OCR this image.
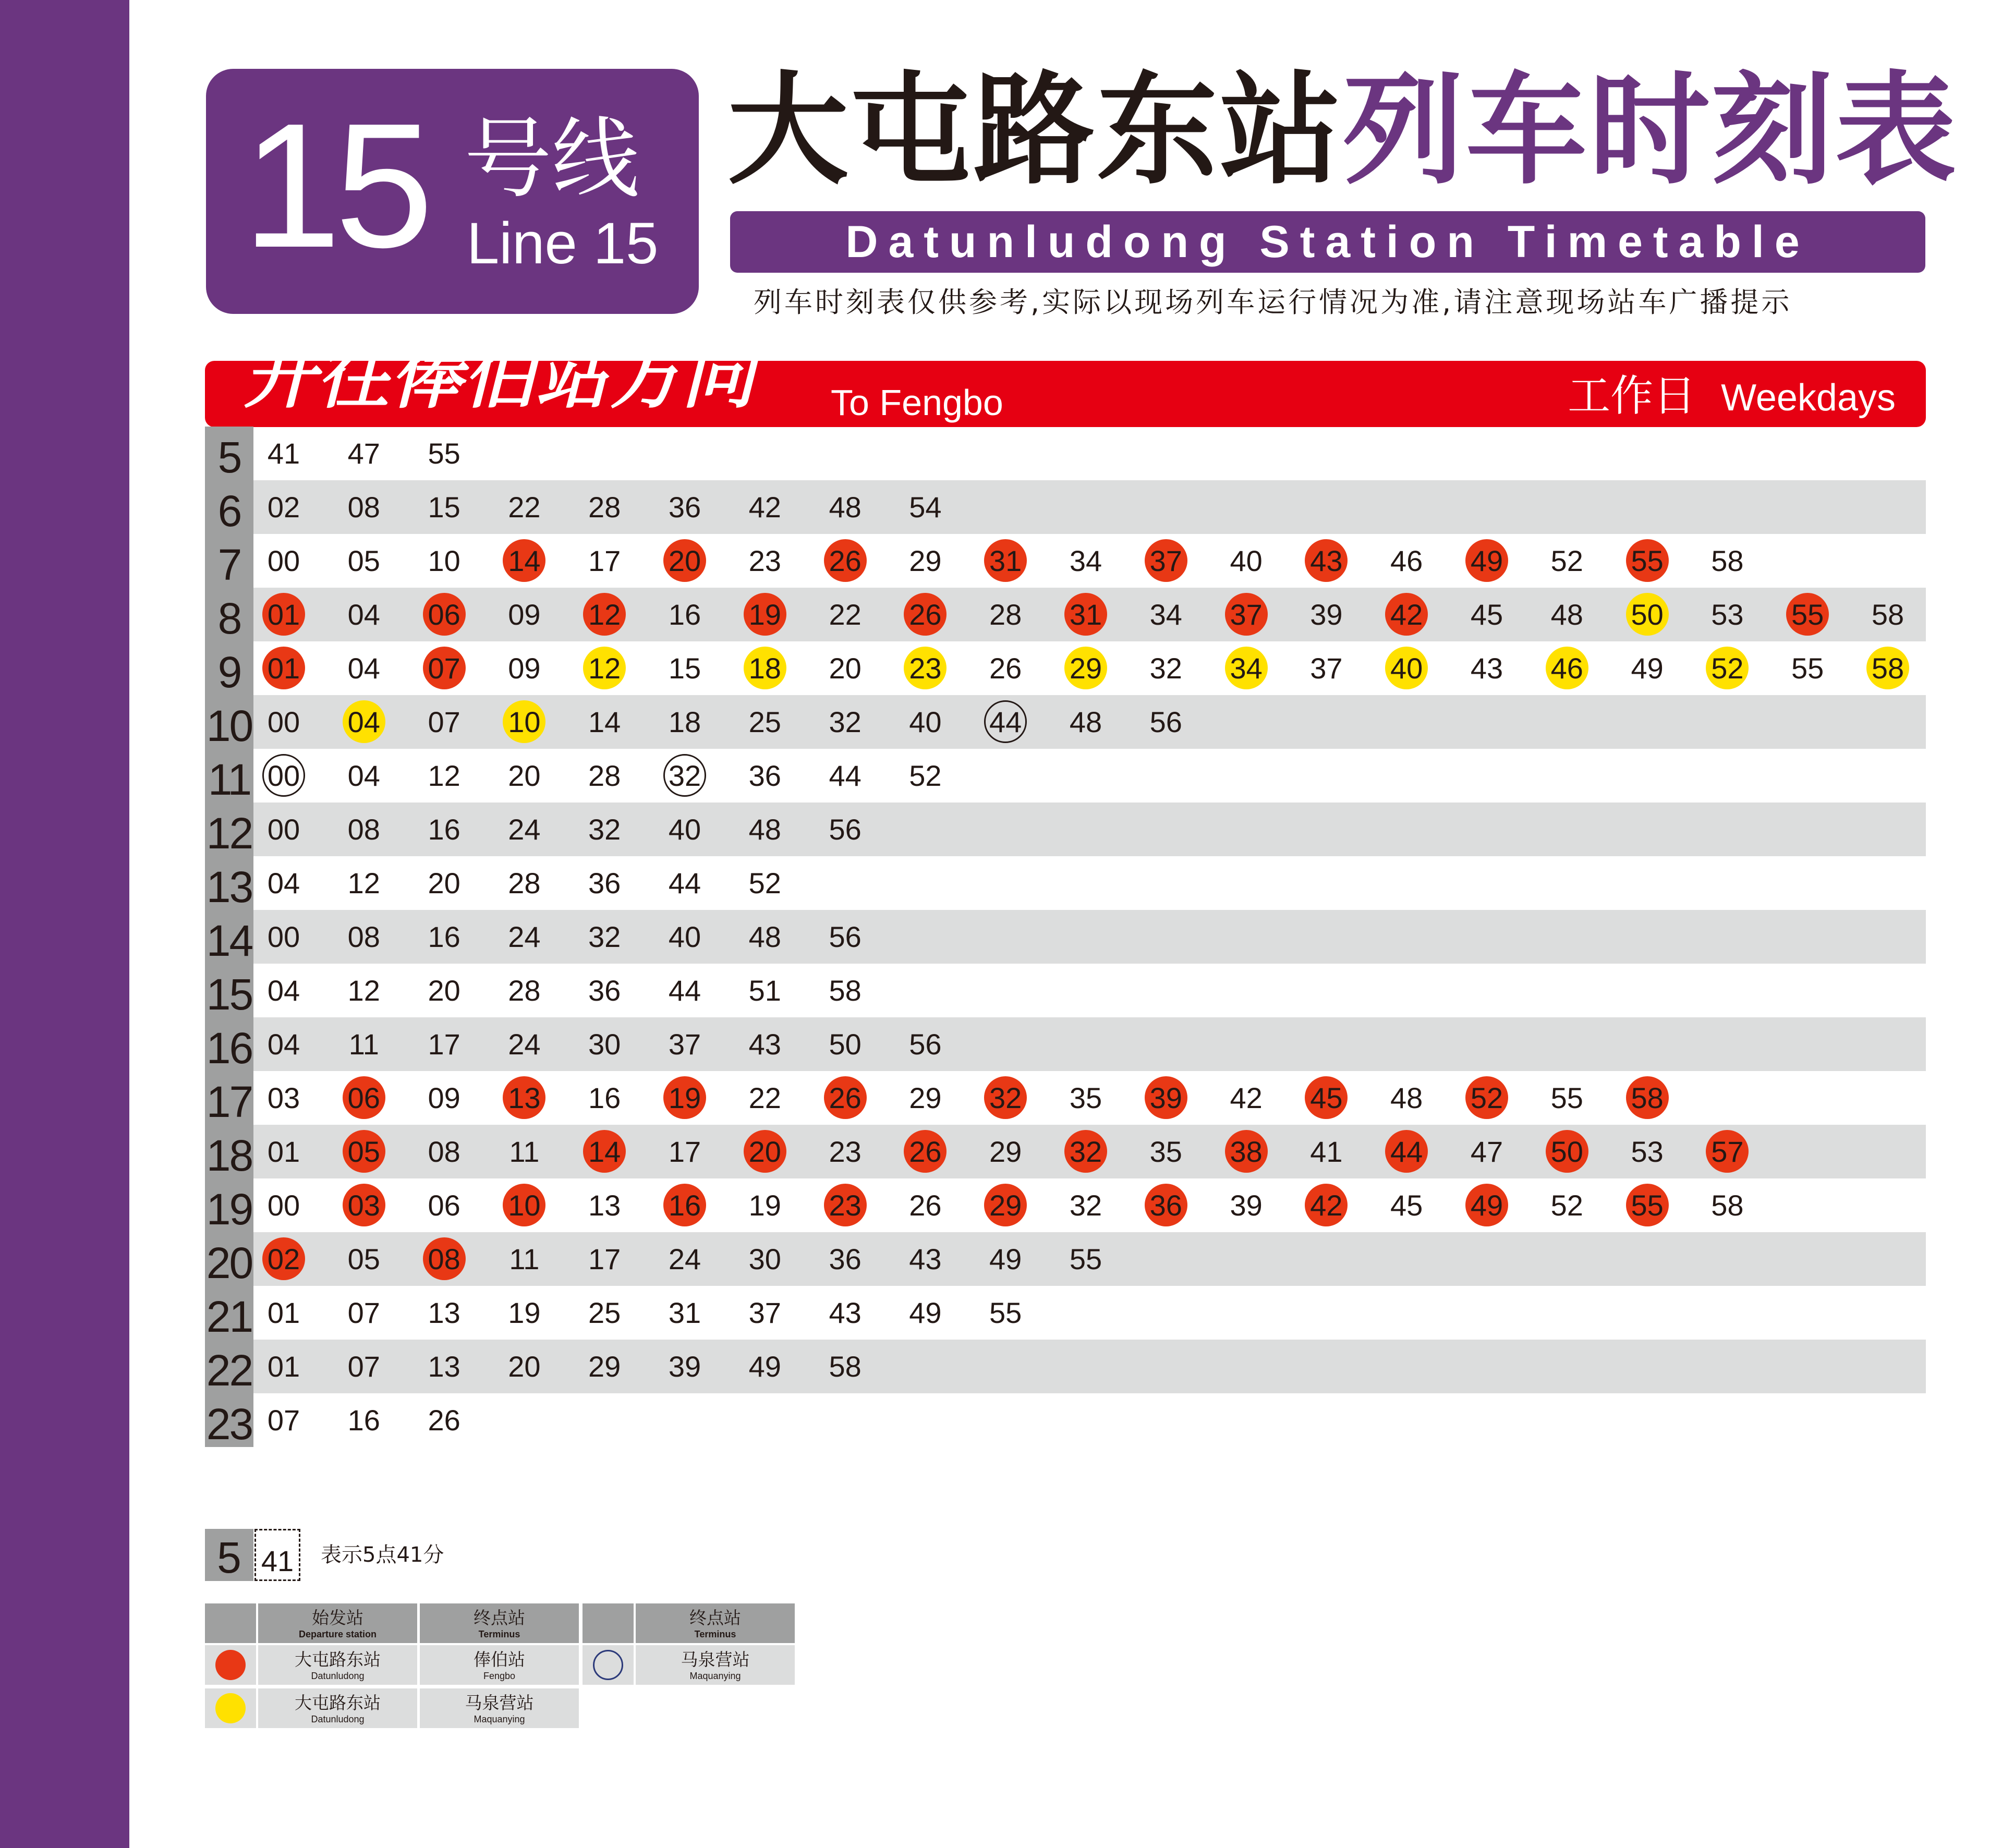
15 号线
Line 15
大屯路东站列车时刻表
Datunludong Station Timetable
列车时刻表仅供参考,实际以现场列车运行情况为准,请注意现场站车广播提示
开往俸伯站方向 To Fengbo	工作日 Weekdays
5 41 47 55
6 02 08 15 22 28 36 42 48 54
7 00 05 10 14 17 20 23 26 29 31 34 37 40 43 46 49 52 55 58
8 01 04 06 09 12 16 19 22 26 28 31 34 37 39 42 45 48 50 53 55 58
9 01 04 07 09 12 15 18 20 23 26 29 32 34 37 40 43 46 49 52 55 58
10 00 04 07 10 14 18 25 32 40 44 48 56
11 00 04 12 20 28 32 36 44 52
12 00 08 16 24 32 40 48 56
13 04 12 20 28 36 44 52
14 00 08 16 24 32 40 48 56
15 04 12 20 28 36 44 51 58
16 04 11 17 24 30 37 43 50 56
17 03 06 09 13 16 19 22 26 29 32 35 39 42 45 48 52 55 58
18 01 05 08 11 14 17 20 23 26 29 32 35 38 41 44 47 50 53 57
19 00 03 06 10 13 16 19 23 26 29 32 36 39 42 45 49 52 55 58
20 02 05 08 11 17 24 30 36 43 49 55
21 01 07 13 19 25 31 37 43 49 55
22 01 07 13 20 29 39 49 58
23 07 16 26
5 41	表示5点41分
始发站
Departure station
终点站
Terminus
终点站
Terminus
大屯路东站
Datunludong
俸伯站
Fengbo
马泉营站
Maquanying
大屯路东站
Datunludong
马泉营站
Maquanying
